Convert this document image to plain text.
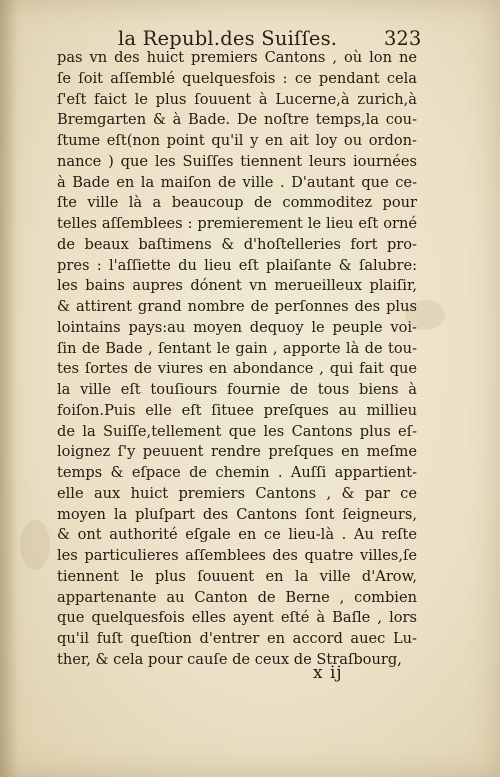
la Republ.des Suiſſes. 323
pas vn des huict premiers Cantons , où lon ne
ſe ſoit aſſemblé quelquesfois : ce pendant cela
ſ'eſt faict le plus ſouuent à Lucerne,à zurich,à
Bremgarten & à Bade. De noſtre temps,la cou-
ſtume eſt(non point qu'il y en ait loy ou ordon-
nance ) que les Suiſſes tiennent leurs iournées
à Bade en la maiſon de ville . D'autant que ce-
ſte ville là a beaucoup de commoditez pour
telles aſſemblees : premierement le lieu eſt orné
de beaux baſtimens & d'hoſtelleries fort pro-
pres : l'aſſiette du lieu eſt plaiſante & ſalubre:
les bains aupres dónent vn merueilleux plaiſir,
& attirent grand nombre de perſonnes des plus
lointains pays:au moyen dequoy le peuple voi-
ſin de Bade , ſentant le gain , apporte là de tou-
tes ſortes de viures en abondance , qui fait que
la ville eſt touſiours fournie de tous biens à
foiſon.Puis elle eſt ſituee preſques au millieu
de la Suiſſe,tellement que les Cantons plus eſ-
loignez ſ'y peuuent rendre preſques en meſme
temps & eſpace de chemin . Auſſi appartient-
elle aux huict premiers Cantons , & par ce
moyen la pluſpart des Cantons ſont ſeigneurs,
& ont authorité eſgale en ce lieu-là . Au reſte
les particulieres aſſemblees des quatre villes,ſe
tiennent le plus ſouuent en la ville d'Arow,
appartenante au Canton de Berne , combien
que quelquesfois elles ayent eſté à Baſle , lors
qu'il fuſt queſtion d'entrer en accord auec Lu-
ther, & cela pour cauſe de ceux de Straſbourg,
x ij
